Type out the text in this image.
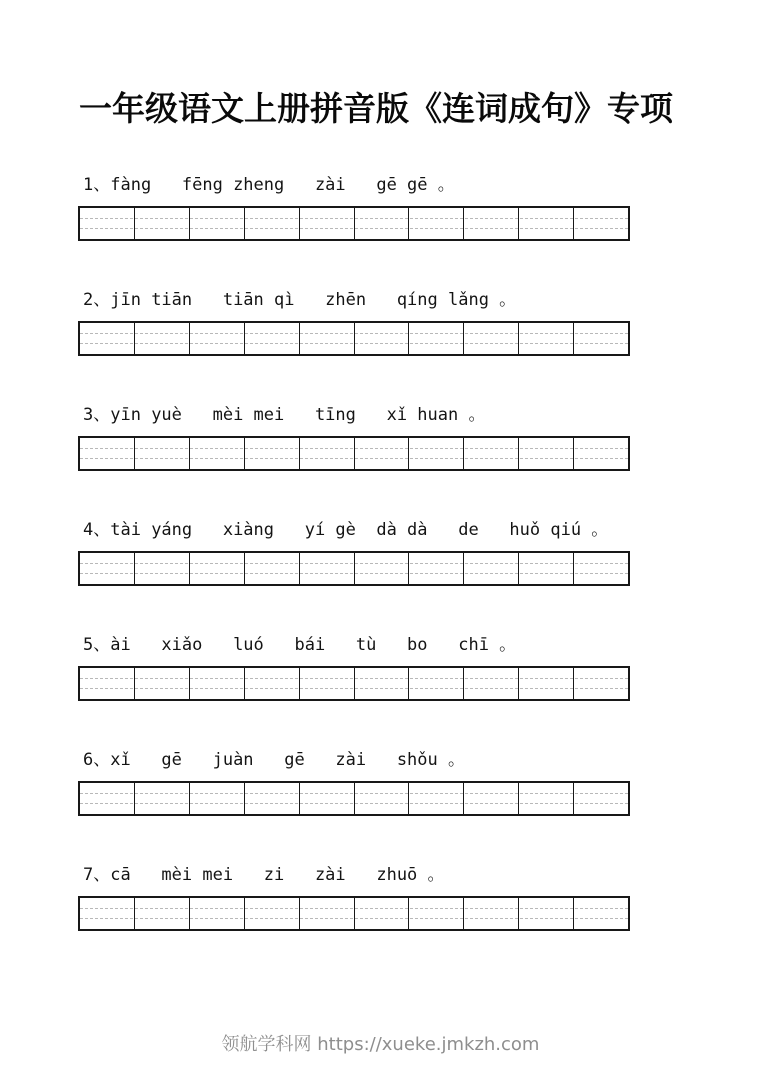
一年级语文上册拼音版《连词成句》专项
1、fàng   fēng zheng   zài   gē gē 。
2、jīn tiān   tiān qì   zhēn   qíng lǎng 。
3、yīn yuè   mèi mei   tīng   xǐ huan 。
4、tài yáng   xiàng   yí gè  dà dà   de   huǒ qiú 。
5、ài   xiǎo   luó   bái   tù   bo   chī 。
6、xǐ   gē   juàn   gē   zài   shǒu 。
7、cā   mèi mei   zi   zài   zhuō 。
领航学科网 https://xueke.jmkzh.com
